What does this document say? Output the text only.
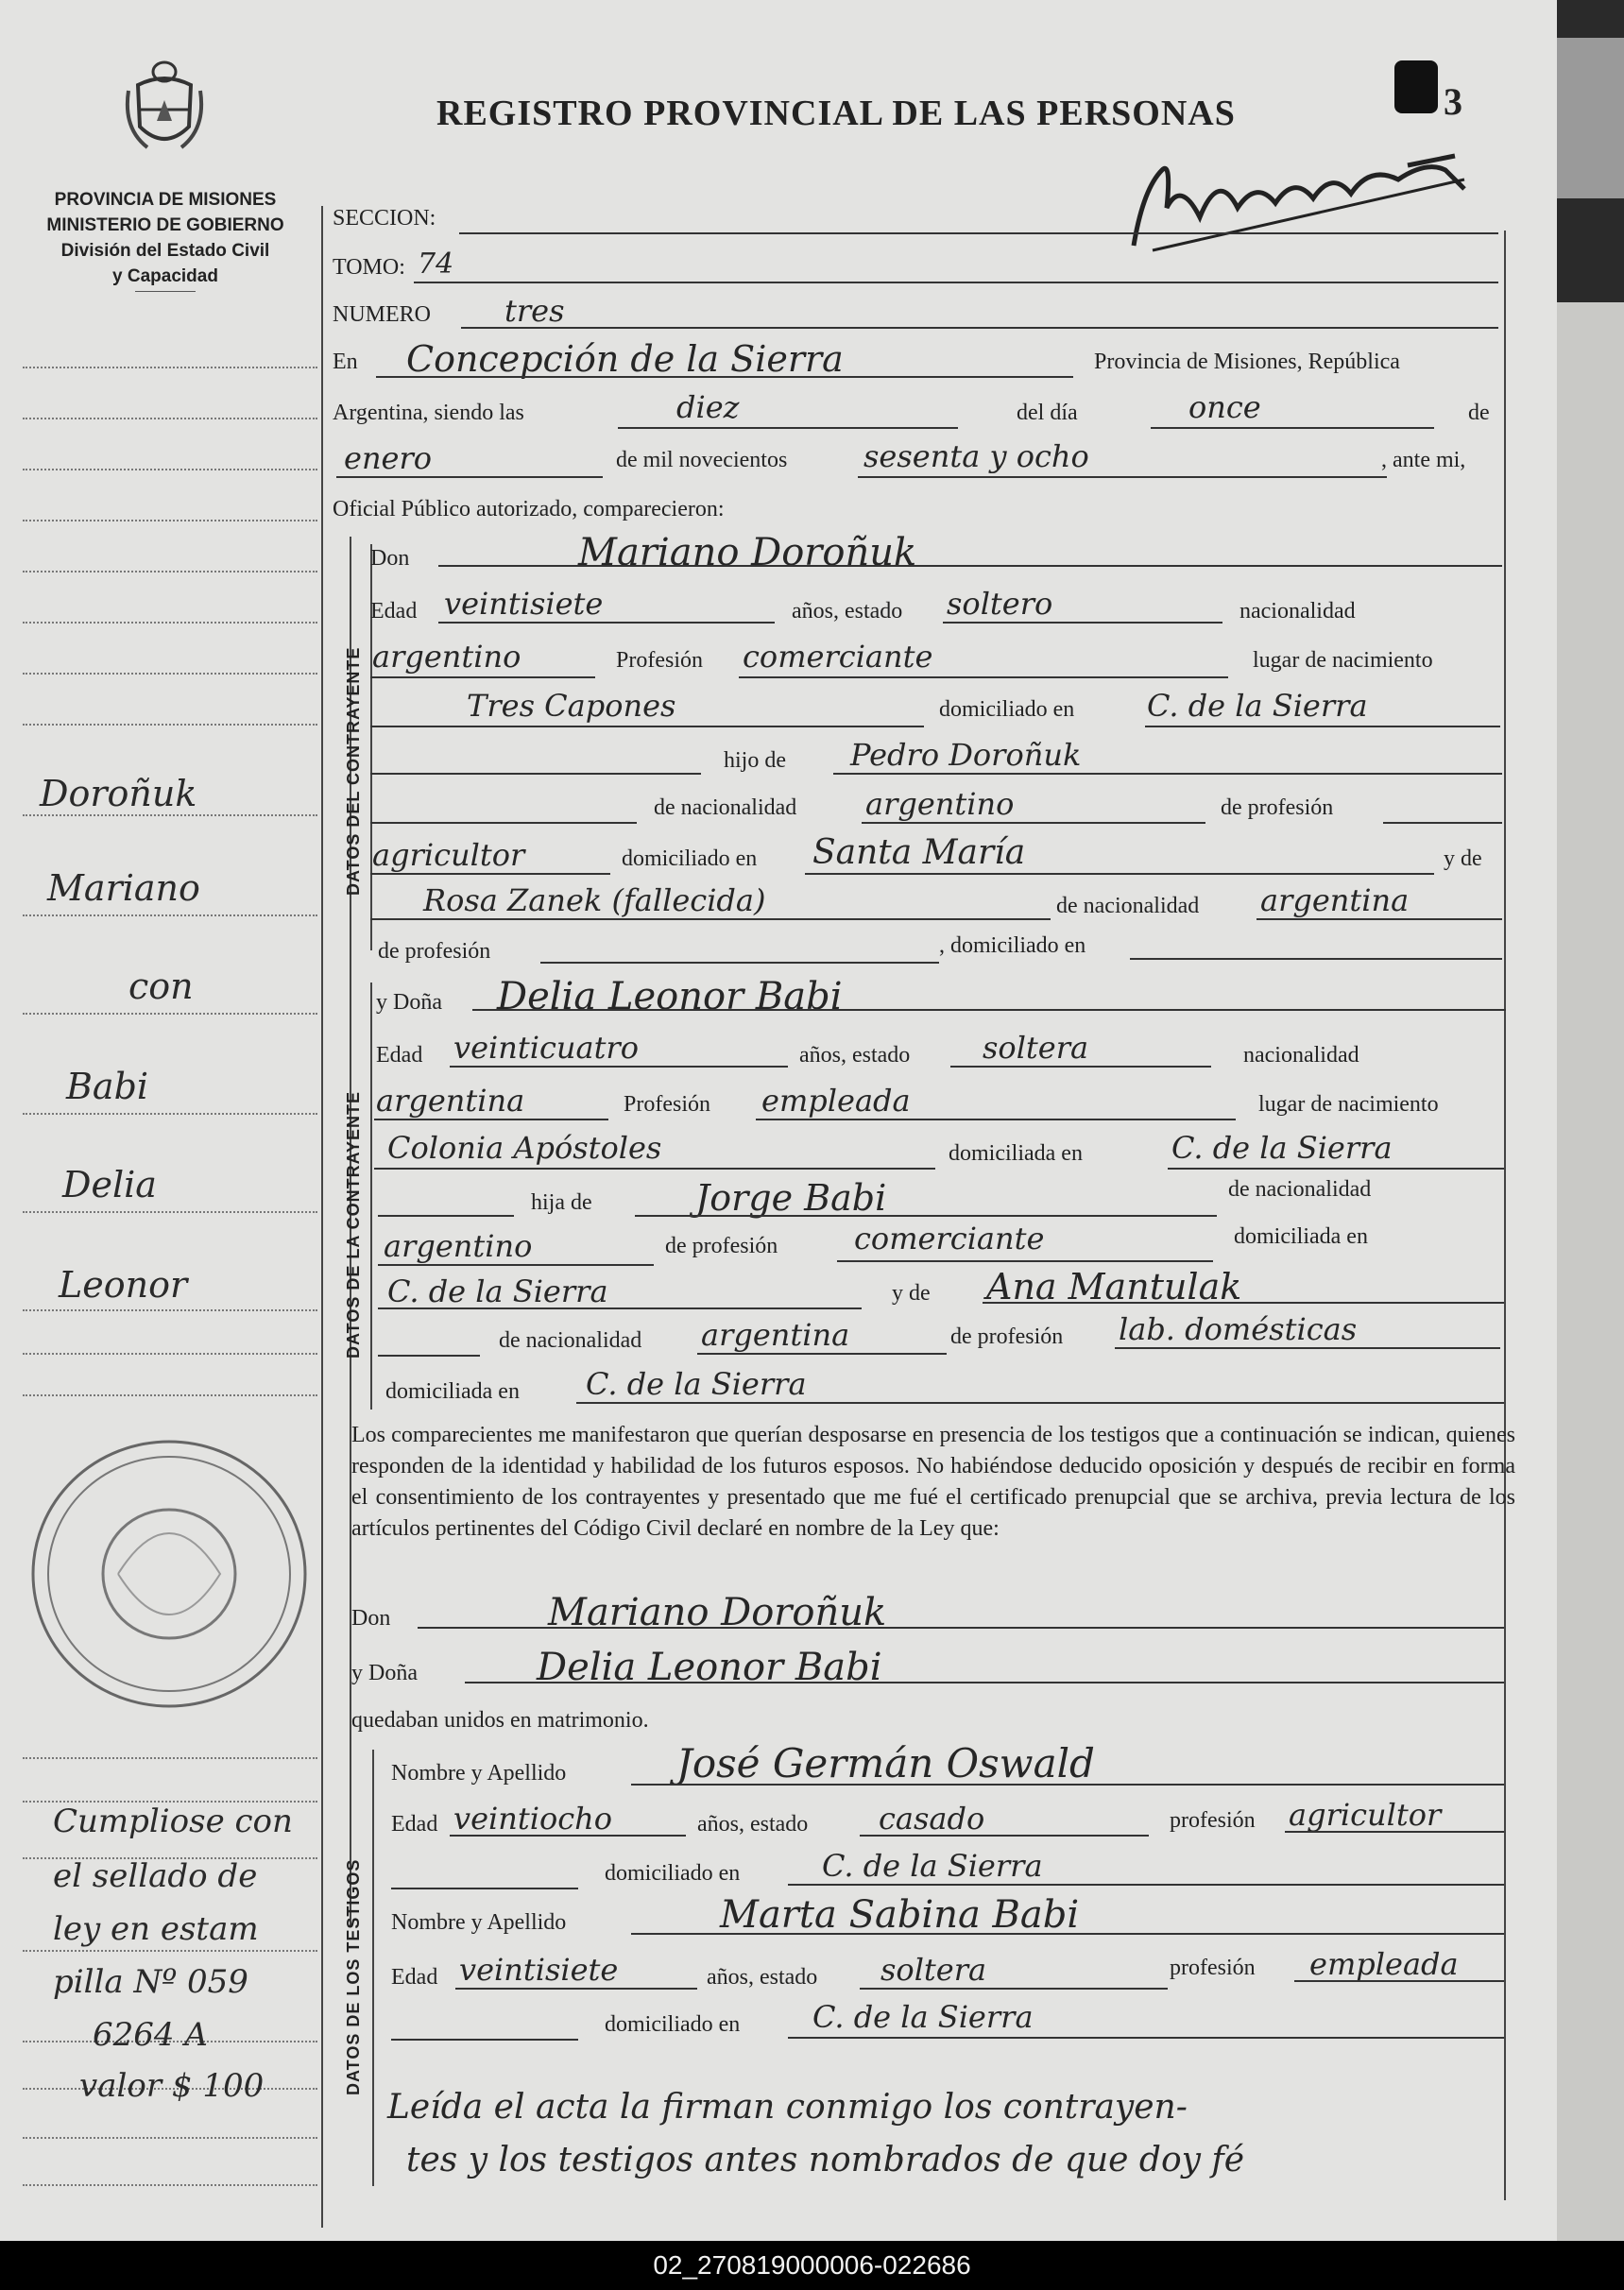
REGISTRO PROVINCIAL DE LAS PERSONAS	3
PROVINCIA DE MISIONES
MINISTERIO DE GOBIERNO
División del Estado Civil
y Capacidad
Doroñuk
Mariano
con
Babi
Delia
Leonor
Cumpliose con
el sellado de
ley en estam
pilla Nº 059
6264 A
valor $ 100
DATOS DEL CONTRAYENTE
DATOS DE LA CONTRAYENTE
DATOS DE LOS TESTIGOS
SECCION:
TOMO: 74
NUMERO tres
En Concepción de la Sierra	Provincia de Misiones, República
Argentina, siendo las	diez	del día	once	de
enero	de mil novecientos	sesenta y ocho	, ante mi,
Oficial Público autorizado, comparecieron:
Don	Mariano Doroñuk
Edad veintisiete	años, estado soltero	nacionalidad
argentino	Profesión comerciante	lugar de nacimiento
Tres Capones	domiciliado en C. de la Sierra
hijo de Pedro Doroñuk
de nacionalidad argentino	de profesión
agricultor	domiciliado en Santa María	y de
Rosa Zanek (fallecida)	de nacionalidad argentina
de profesión	, domiciliado en
y Doña Delia Leonor Babi
Edad veinticuatro	años, estado soltera	nacionalidad
argentina	Profesión empleada	lugar de nacimiento
Colonia Apóstoles	domiciliada en	C. de la Sierra
hija de	Jorge Babi	de nacionalidad
argentino	de profesión	comerciante	domiciliada en
C. de la Sierra	y de Ana Mantulak
de nacionalidad argentina	de profesión lab. domésticas
domiciliada en C. de la Sierra
Los comparecientes me manifestaron que querían desposarse en presencia de los testigos que a continuación se indican, quienes responden de la identidad y habilidad de los futuros esposos. No habiéndose deducido oposición y después de recibir en forma el consentimiento de los contrayentes y presentado que me fué el certificado prenupcial que se archiva, previa lectura de los artículos pertinentes del Código Civil declaré en nombre de la Ley que:
Don	Mariano Doroñuk
y Doña	Delia Leonor Babi
quedaban unidos en matrimonio.
Nombre y Apellido	José Germán Oswald
Edad veintiocho	años, estado casado	profesión agricultor
domiciliado en	C. de la Sierra
Nombre y Apellido	Marta Sabina Babi
Edad veintisiete	años, estado soltera	profesión empleada
domiciliado en C. de la Sierra
Leída el acta la firman conmigo los contrayen-
tes y los testigos antes nombrados de que doy fé
02_270819000006-022686
